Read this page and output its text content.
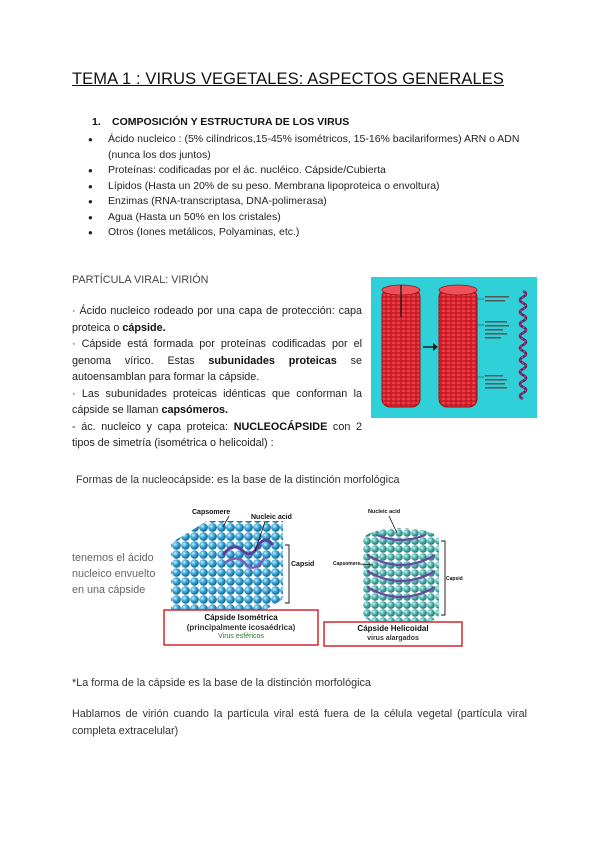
TEMA 1 : VIRUS VEGETALES: ASPECTOS GENERALES
1. COMPOSICIÓN Y ESTRUCTURA DE LOS VIRUS
● Ácido nucleico : (5% cilíndricos,15-45% isométricos, 15-16% bacilariformes) ARN o ADN (nunca los dos juntos)
● Proteínas: codificadas por el ác. nucléico. Cápside/Cubierta
● Lípidos (Hasta un 20% de su peso. Membrana lipoproteica o envoltura)
● Enzimas (RNA-transcriptasa, DNA-polimerasa)
● Agua (Hasta un 50% en los cristales)
● Otros (Iones metálicos, Polyaminas, etc.)
PARTÍCULA VIRAL: VIRIÓN
· Ácido nucleico rodeado por una capa de protección: capa proteica o cápside.
· Cápside está formada por proteínas codificadas por el genoma vírico. Estas subunidades proteicas se autoensamblan para formar la cápside.
· Las subunidades proteicas idénticas que conforman la cápside se llaman capsómeros.
- ác. nucleico y capa proteica: NUCLEOCÁPSIDE con 2 tipos de simetría (isométrica o helicoidal) :
Formas de la nucleocápside: es la base de la distinción morfológica
tenemos el ácido nucleico envuelto en una cápside
Capsomere
Nucleic acid
Capsid
Nucleic acid
Capsomere
Capsid
Cápside Isométrica
(principalmente icosaédrica)
Virus esféricos
Cápside Helicoidal
virus alargados
*La forma de la cápside es la base de la distinción morfológica
Hablamos de virión cuando la partícula viral está fuera de la célula vegetal (partícula viral completa extracelular)
